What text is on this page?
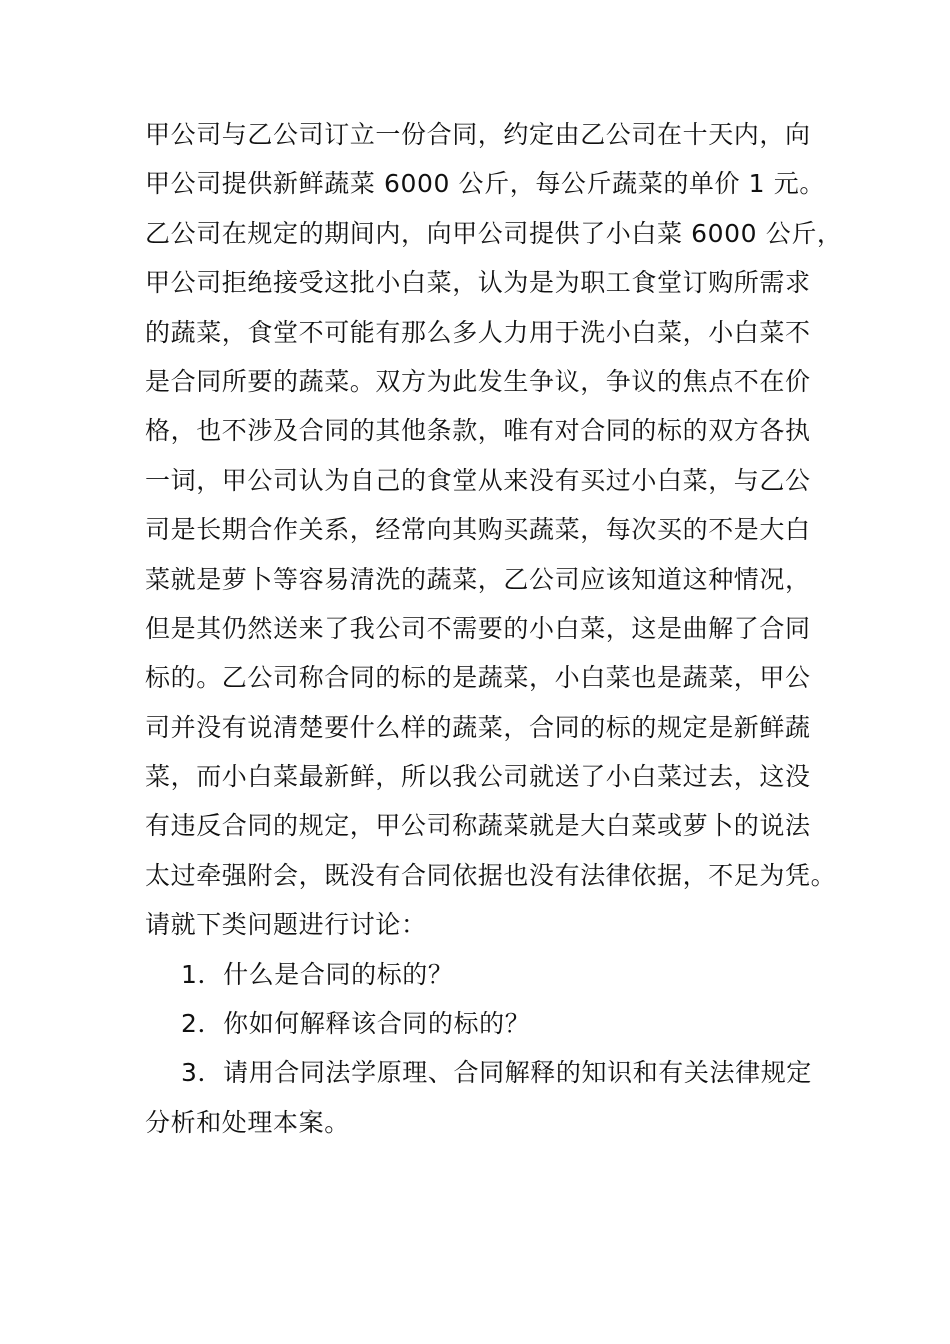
甲公司与乙公司订立一份合同，约定由乙公司在十天内，向
甲公司提供新鲜蔬菜 6000 公斤，每公斤蔬菜的单价 1 元。
乙公司在规定的期间内，向甲公司提供了小白菜 6000 公斤，
甲公司拒绝接受这批小白菜，认为是为职工食堂订购所需求
的蔬菜，食堂不可能有那么多人力用于洗小白菜，小白菜不
是合同所要的蔬菜。双方为此发生争议，争议的焦点不在价
格，也不涉及合同的其他条款，唯有对合同的标的双方各执
一词，甲公司认为自己的食堂从来没有买过小白菜，与乙公
司是长期合作关系，经常向其购买蔬菜，每次买的不是大白
菜就是萝卜等容易清洗的蔬菜，乙公司应该知道这种情况，
但是其仍然送来了我公司不需要的小白菜，这是曲解了合同
标的。乙公司称合同的标的是蔬菜，小白菜也是蔬菜，甲公
司并没有说清楚要什么样的蔬菜，合同的标的规定是新鲜蔬
菜，而小白菜最新鲜，所以我公司就送了小白菜过去，这没
有违反合同的规定，甲公司称蔬菜就是大白菜或萝卜的说法
太过牵强附会，既没有合同依据也没有法律依据，不足为凭。
请就下类问题进行讨论：
1．什么是合同的标的？
2．你如何解释该合同的标的？
3．请用合同法学原理、合同解释的知识和有关法律规定
分析和处理本案。
